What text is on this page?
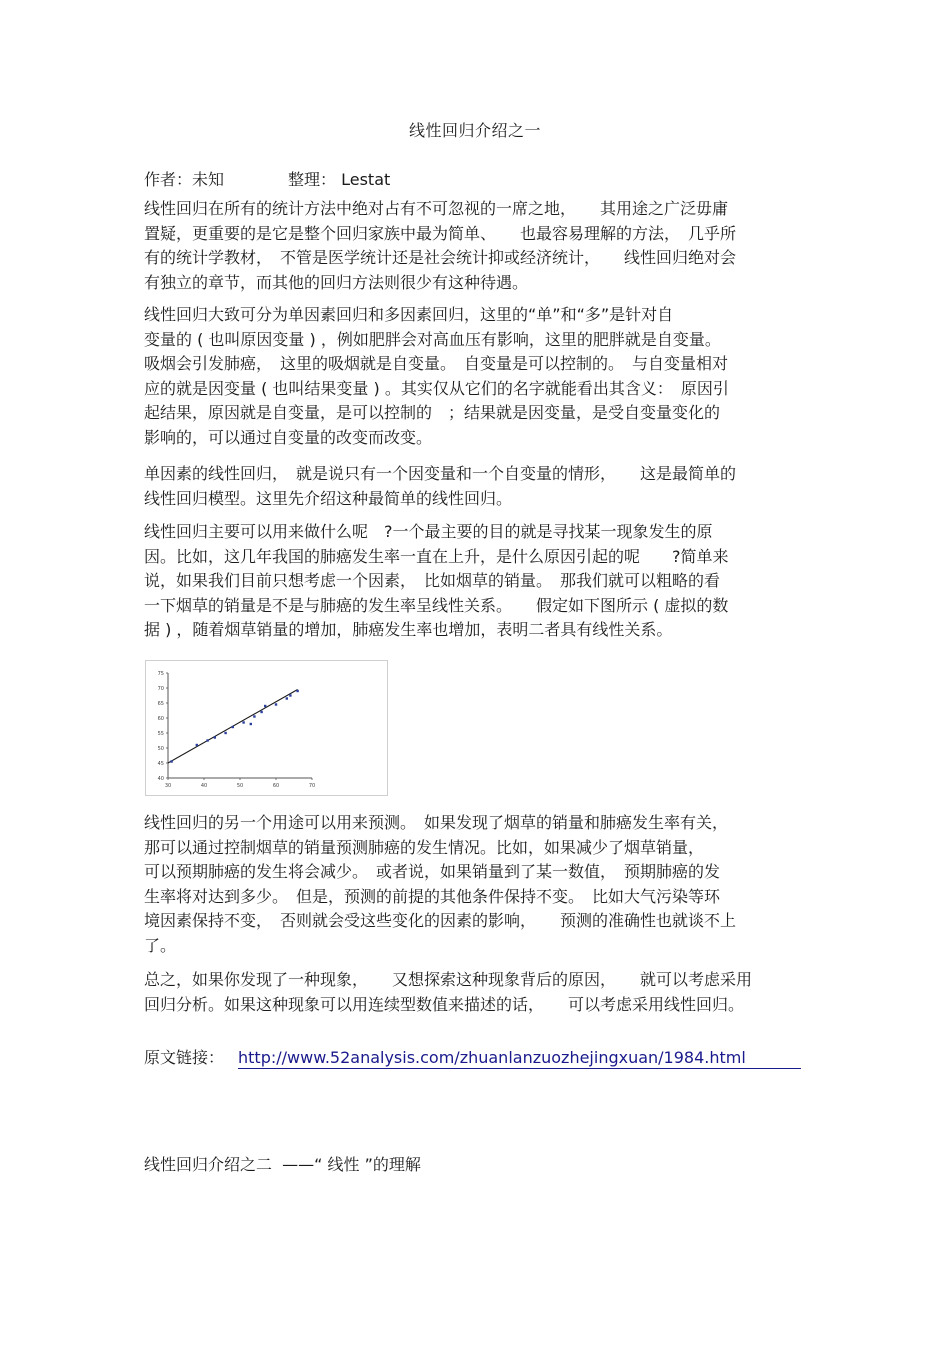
线性回归介绍之一
作者：未知	整理： Lestat
线性回归在所有的统计方法中绝对占有不可忽视的一席之地，　　其用途之广泛毋庸
置疑，更重要的是它是整个回归家族中最为简单、　　也最容易理解的方法，　几乎所
有的统计学教材，　不管是医学统计还是社会统计抑或经济统计，　　线性回归绝对会
有独立的章节，而其他的回归方法则很少有这种待遇。
线性回归大致可分为单因素回归和多因素回归，这里的“单”和“多”是针对自
变量的 ( 也叫原因变量 ) ，例如肥胖会对高血压有影响，这里的肥胖就是自变量。
吸烟会引发肺癌，　这里的吸烟就是自变量。　自变量是可以控制的。　与自变量相对
应的就是因变量 ( 也叫结果变量 ) 。其实仅从它们的名字就能看出其含义：　原因引
起结果，原因就是自变量，是可以控制的　；结果就是因变量，是受自变量变化的
影响的，可以通过自变量的改变而改变。
单因素的线性回归，　就是说只有一个因变量和一个自变量的情形，　　这是最简单的
线性回归模型。这里先介绍这种最简单的线性回归。
线性回归主要可以用来做什么呢　?一个最主要的目的就是寻找某一现象发生的原
因。比如，这几年我国的肺癌发生率一直在上升，是什么原因引起的呢　　?简单来
说，如果我们目前只想考虑一个因素，　比如烟草的销量。　那我们就可以粗略的看
一下烟草的销量是不是与肺癌的发生率呈线性关系。　　假定如下图所示 ( 虚拟的数
据 ) ，随着烟草销量的增加，肺癌发生率也增加，表明二者具有线性关系。
30	40	50	60	70
75
70
65
60
55
50
45
40
线性回归的另一个用途可以用来预测。　如果发现了烟草的销量和肺癌发生率有关，
那可以通过控制烟草的销量预测肺癌的发生情况。比如，如果减少了烟草销量，
可以预期肺癌的发生将会减少。　或者说，如果销量到了某一数值，　预期肺癌的发
生率将对达到多少。　但是，预测的前提的其他条件保持不变。　比如大气污染等环
境因素保持不变，　否则就会受这些变化的因素的影响，　　预测的准确性也就谈不上
了。
总之，如果你发现了一种现象，　　又想探索这种现象背后的原因，　　就可以考虑采用
回归分析。如果这种现象可以用连续型数值来描述的话，　　可以考虑采用线性回归。
原文链接： http://www.52analysis.com/zhuanlanzuozhejingxuan/1984.html
线性回归介绍之二  ——“ 线性 ”的理解
